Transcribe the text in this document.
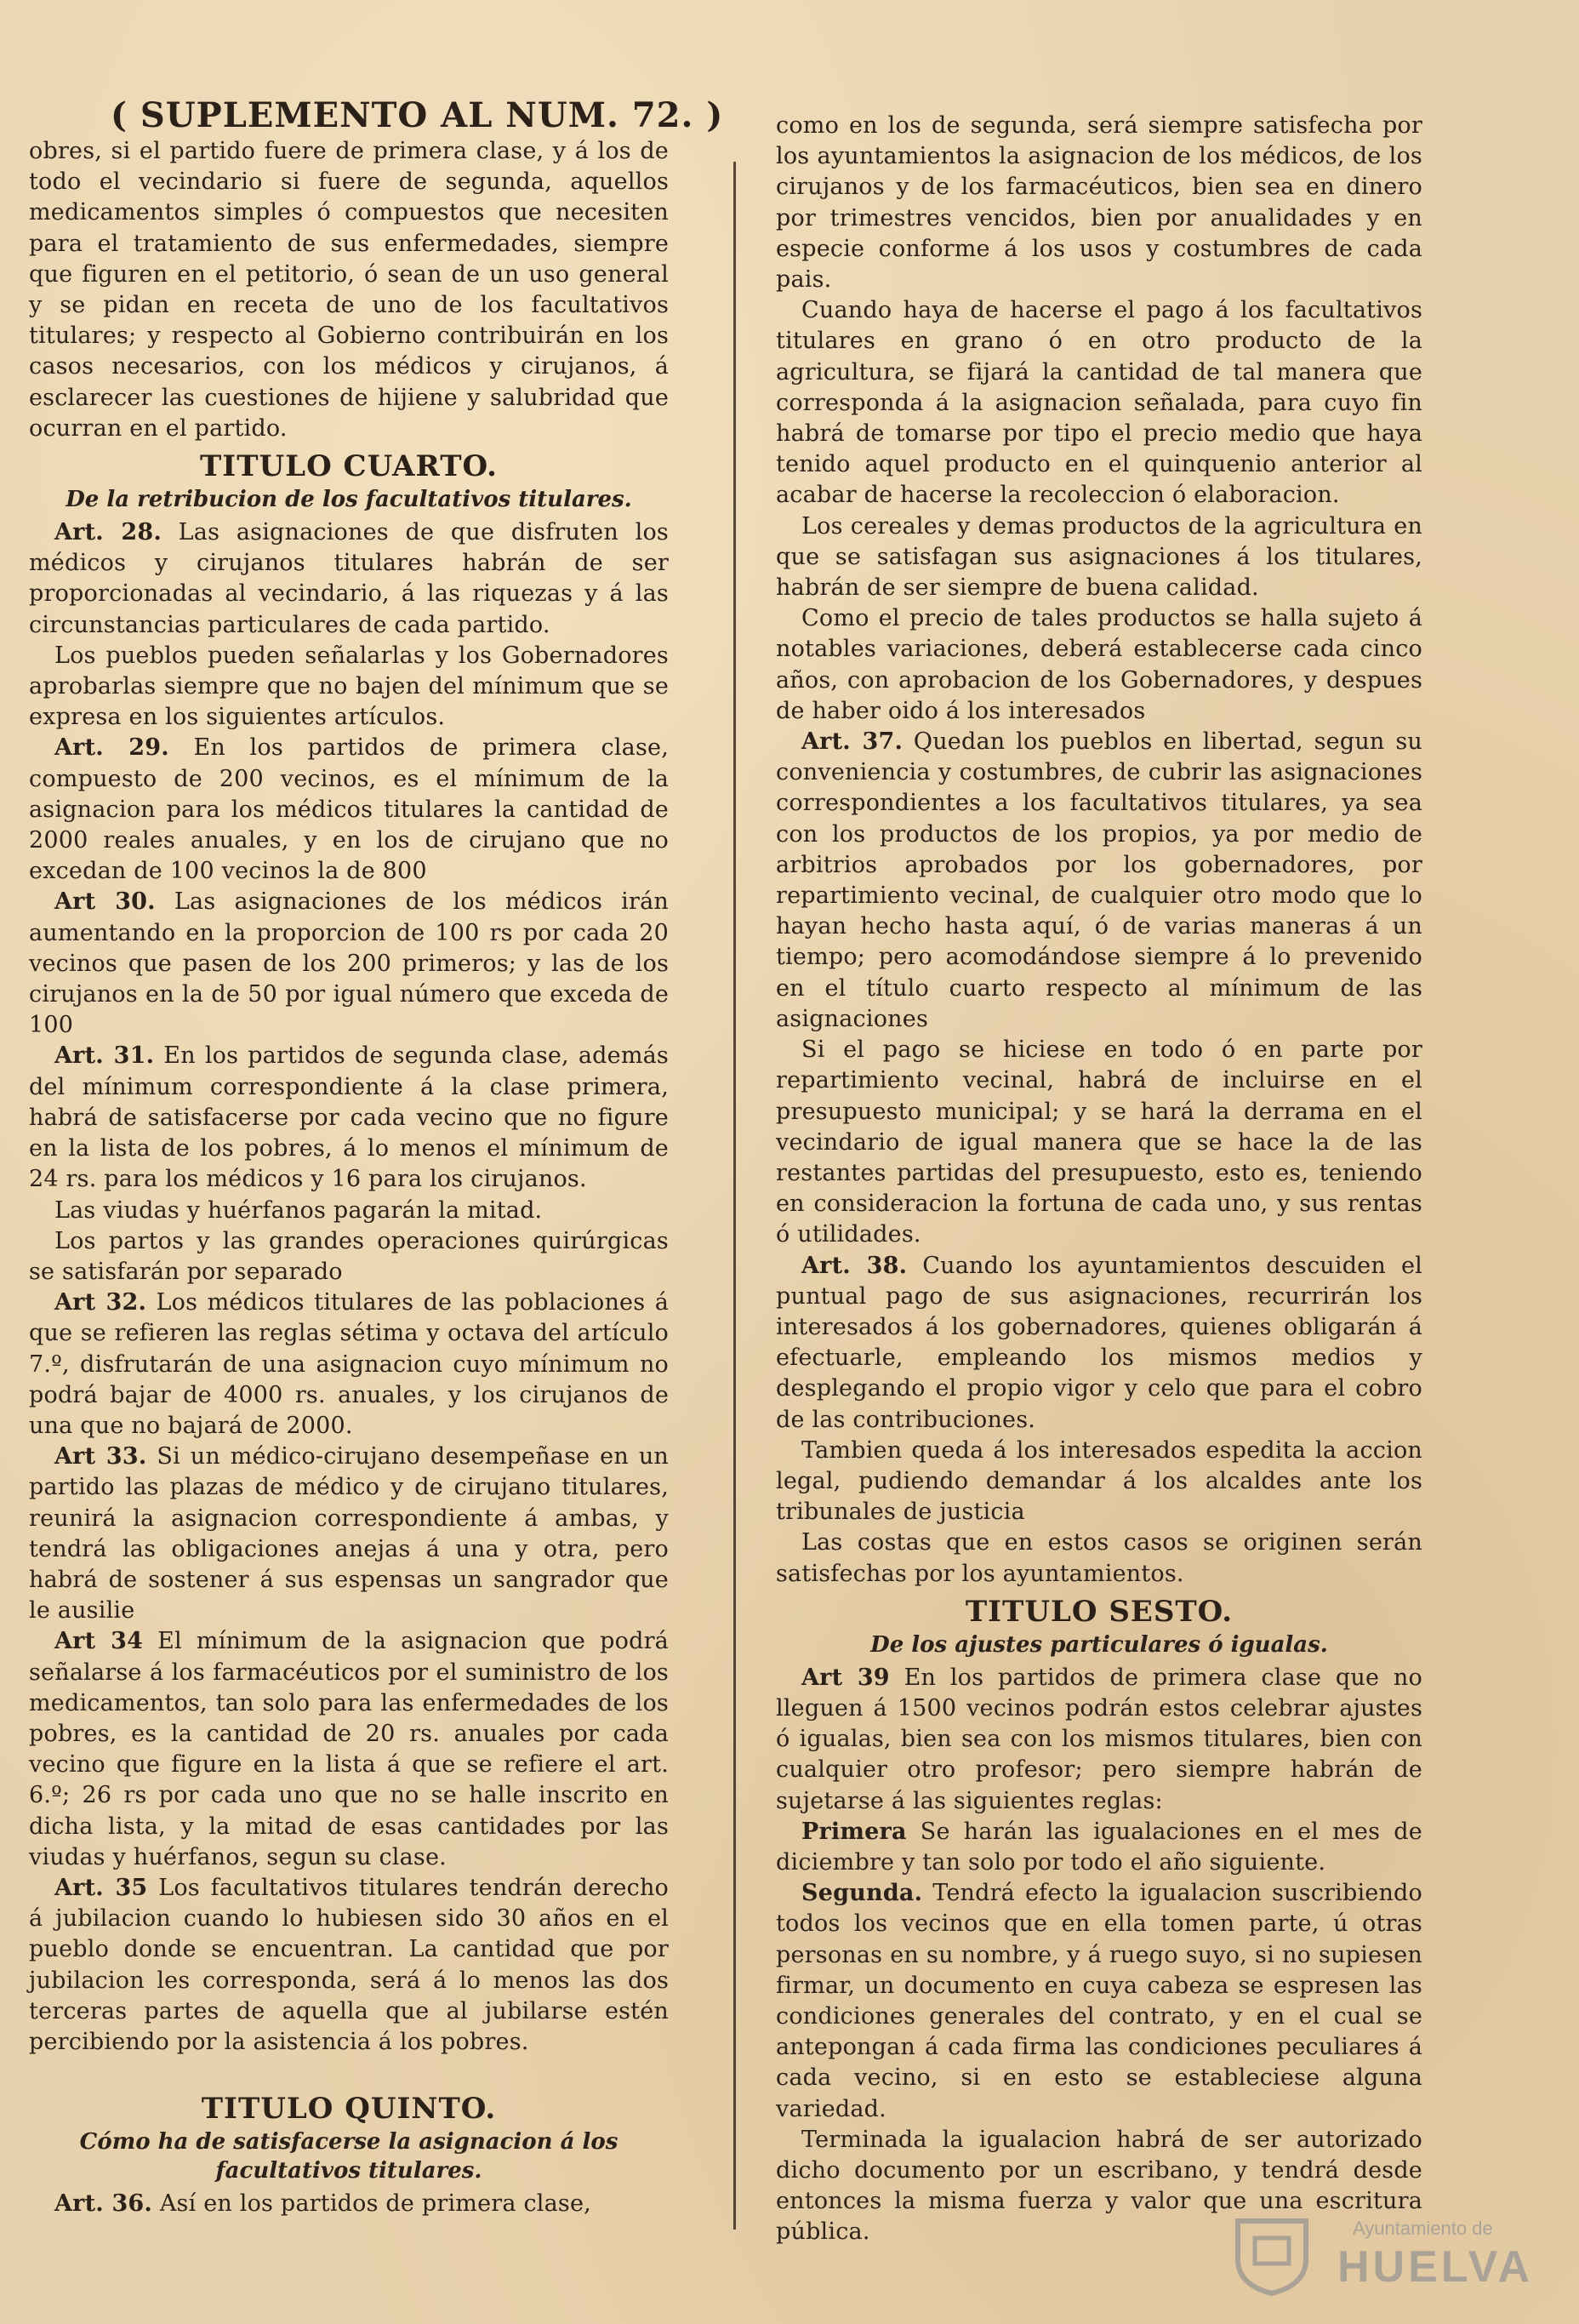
( SUPLEMENTO AL NUM. 72. )

obres, si el partido fuere de primera clase, y á los de todo el vecindario si fuere de segunda, aquellos medicamentos simples ó compuestos que necesiten para el tratamiento de sus enfermedades, siempre que figuren en el petitorio, ó sean de un uso general y se pidan en receta de uno de los facultativos titulares; y respecto al Gobierno contribuirán en los casos necesarios, con los médicos y cirujanos, á esclarecer las cuestiones de hijiene y salubridad que ocurran en el partido.

TITULO CUARTO.
De la retribucion de los facultativos titulares.

Art. 28. Las asignaciones de que disfruten los médicos y cirujanos titulares habrán de ser proporcionadas al vecindario, á las riquezas y á las circunstancias particulares de cada partido.

Los pueblos pueden señalarlas y los Gobernadores aprobarlas siempre que no bajen del mínimum que se expresa en los siguientes artículos.

Art. 29. En los partidos de primera clase, compuesto de 200 vecinos, es el mínimum de la asignacion para los médicos titulares la cantidad de 2000 reales anuales, y en los de cirujano que no excedan de 100 vecinos la de 800

Art 30. Las asignaciones de los médicos irán aumentando en la proporcion de 100 rs por cada 20 vecinos que pasen de los 200 primeros; y las de los cirujanos en la de 50 por igual número que exceda de 100

Art. 31. En los partidos de segunda clase, además del mínimum correspondiente á la clase primera, habrá de satisfacerse por cada vecino que no figure en la lista de los pobres, á lo menos el mínimum de 24 rs. para los médicos y 16 para los cirujanos.

Las viudas y huérfanos pagarán la mitad.

Los partos y las grandes operaciones quirúrgicas se satisfarán por separado

Art 32. Los médicos titulares de las poblaciones á que se refieren las reglas sétima y octava del artículo 7.º, disfrutarán de una asignacion cuyo mínimum no podrá bajar de 4000 rs. anuales, y los cirujanos de una que no bajará de 2000.

Art 33. Si un médico-cirujano desempeñase en un partido las plazas de médico y de cirujano titulares, reunirá la asignacion correspondiente á ambas, y tendrá las obligaciones anejas á una y otra, pero habrá de sostener á sus espensas un sangrador que le ausilie

Art 34 El mínimum de la asignacion que podrá señalarse á los farmacéuticos por el suministro de los medicamentos, tan solo para las enfermedades de los pobres, es la cantidad de 20 rs. anuales por cada vecino que figure en la lista á que se refiere el art. 6.º; 26 rs por cada uno que no se halle inscrito en dicha lista, y la mitad de esas cantidades por las viudas y huérfanos, segun su clase.

Art. 35 Los facultativos titulares tendrán derecho á jubilacion cuando lo hubiesen sido 30 años en el pueblo donde se encuentran. La cantidad que por jubilacion les corresponda, será á lo menos las dos terceras partes de aquella que al jubilarse estén percibiendo por la asistencia á los pobres.

TITULO QUINTO.
Cómo ha de satisfacerse la asignacion á los facultativos titulares.

Art. 36. Así en los partidos de primera clase,

como en los de segunda, será siempre satisfecha por los ayuntamientos la asignacion de los médicos, de los cirujanos y de los farmacéuticos, bien sea en dinero por trimestres vencidos, bien por anualidades y en especie conforme á los usos y costumbres de cada pais.

Cuando haya de hacerse el pago á los facultativos titulares en grano ó en otro producto de la agricultura, se fijará la cantidad de tal manera que corresponda á la asignacion señalada, para cuyo fin habrá de tomarse por tipo el precio medio que haya tenido aquel producto en el quinquenio anterior al acabar de hacerse la recoleccion ó elaboracion.

Los cereales y demas productos de la agricultura en que se satisfagan sus asignaciones á los titulares, habrán de ser siempre de buena calidad.

Como el precio de tales productos se halla sujeto á notables variaciones, deberá establecerse cada cinco años, con aprobacion de los Gobernadores, y despues de haber oido á los interesados

Art. 37. Quedan los pueblos en libertad, segun su conveniencia y costumbres, de cubrir las asignaciones correspondientes a los facultativos titulares, ya sea con los productos de los propios, ya por medio de arbitrios aprobados por los gobernadores, por repartimiento vecinal, de cualquier otro modo que lo hayan hecho hasta aquí, ó de varias maneras á un tiempo; pero acomodándose siempre á lo prevenido en el título cuarto respecto al mínimum de las asignaciones

Si el pago se hiciese en todo ó en parte por repartimiento vecinal, habrá de incluirse en el presupuesto municipal; y se hará la derrama en el vecindario de igual manera que se hace la de las restantes partidas del presupuesto, esto es, teniendo en consideracion la fortuna de cada uno, y sus rentas ó utilidades.

Art. 38. Cuando los ayuntamientos descuiden el puntual pago de sus asignaciones, recurrirán los interesados á los gobernadores, quienes obligarán á efectuarle, empleando los mismos medios y desplegando el propio vigor y celo que para el cobro de las contribuciones.

Tambien queda á los interesados espedita la accion legal, pudiendo demandar á los alcaldes ante los tribunales de justicia

Las costas que en estos casos se originen serán satisfechas por los ayuntamientos.

TITULO SESTO.
De los ajustes particulares ó igualas.

Art 39 En los partidos de primera clase que no lleguen á 1500 vecinos podrán estos celebrar ajustes ó igualas, bien sea con los mismos titulares, bien con cualquier otro profesor; pero siempre habrán de sujetarse á las siguientes reglas:

Primera Se harán las igualaciones en el mes de diciembre y tan solo por todo el año siguiente.

Segunda. Tendrá efecto la igualacion suscribiendo todos los vecinos que en ella tomen parte, ú otras personas en su nombre, y á ruego suyo, si no supiesen firmar, un documento en cuya cabeza se espresen las condiciones generales del contrato, y en el cual se antepongan á cada firma las condiciones peculiares á cada vecino, si en esto se estableciese alguna variedad.

Terminada la igualacion habrá de ser autorizado dicho documento por un escribano, y tendrá desde entonces la misma fuerza y valor que una escritura pública.	Ayuntamiento de
HUELVA
